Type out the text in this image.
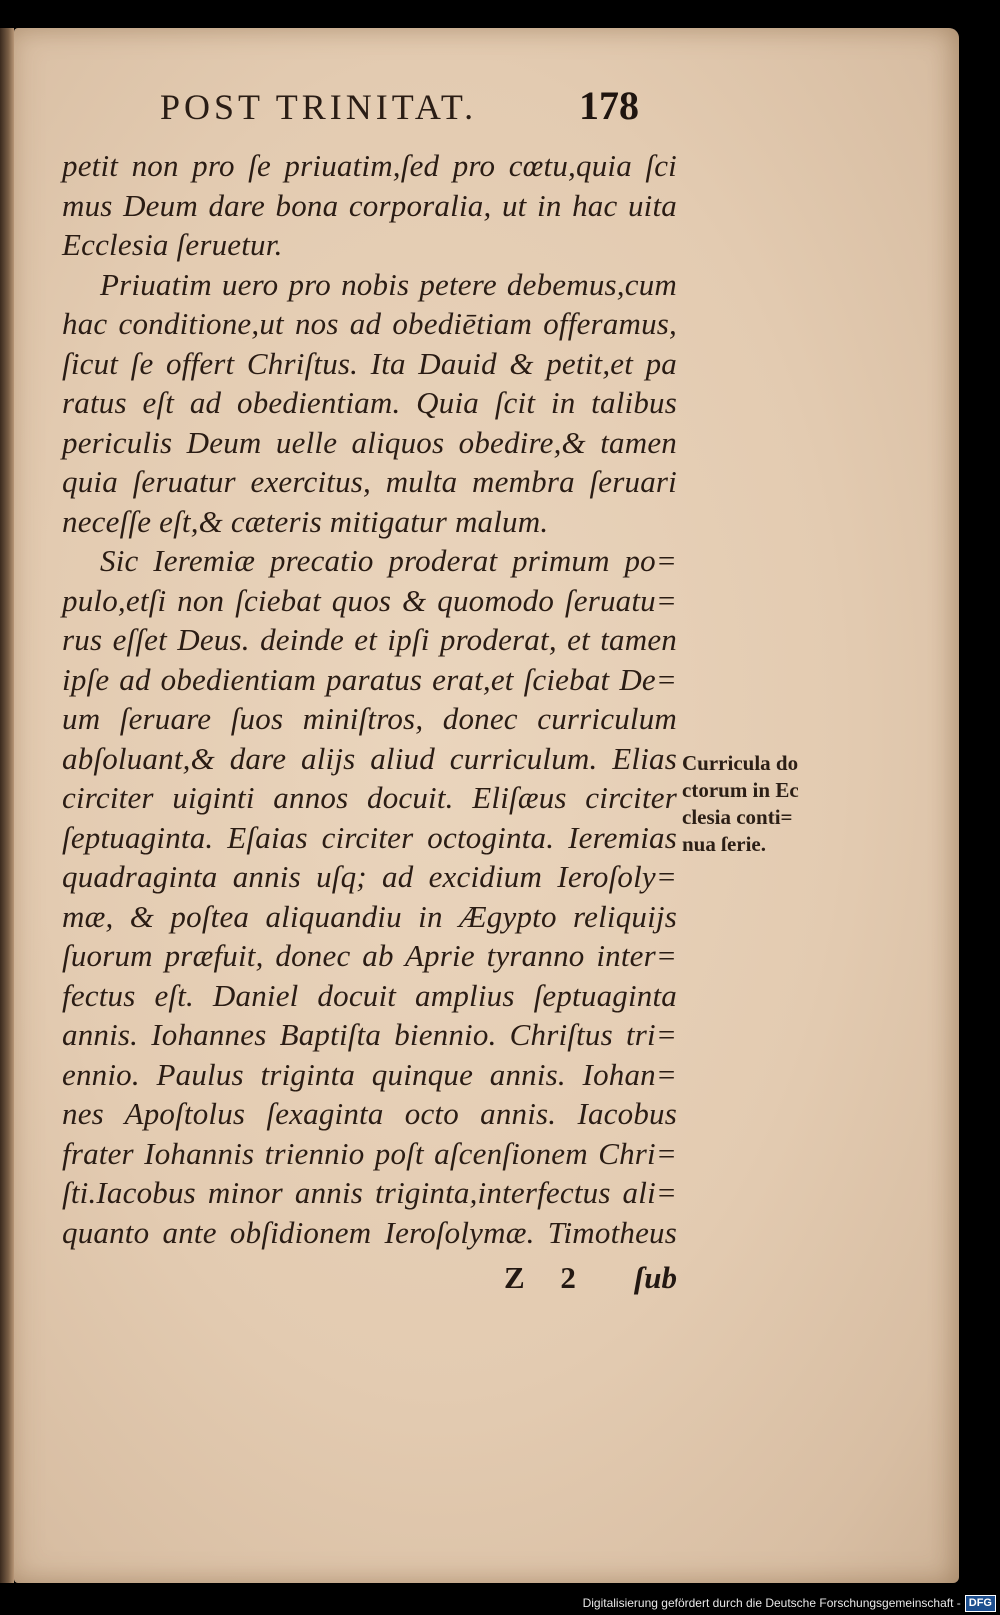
POST TRINITAT.	178
petit non pro ſe priuatim,ſed pro cœtu,quia ſci
mus Deum dare bona corporalia, ut in hac uita
Ecclesia ſeruetur.
Priuatim uero pro nobis petere debemus,cum
hac conditione,ut nos ad obediētiam offeramus,
ſicut ſe offert Chriſtus. Ita Dauid & petit,et pa
ratus eſt ad obedientiam. Quia ſcit in talibus
periculis Deum uelle aliquos obedire,& tamen
quia ſeruatur exercitus, multa membra ſeruari
neceſſe eſt,& cæteris mitigatur malum.
Sic Ieremiæ precatio proderat primum po=
pulo,etſi non ſciebat quos & quomodo ſeruatu=
rus eſſet Deus. deinde et ipſi proderat, et tamen
ipſe ad obedientiam paratus erat,et ſciebat De=
um ſeruare ſuos miniſtros, donec curriculum
abſoluant,& dare alijs aliud curriculum. Elias
circiter uiginti annos docuit. Eliſæus circiter
ſeptuaginta. Eſaias circiter octoginta. Ieremias
quadraginta annis uſq; ad excidium Ieroſoly=
mæ, & poſtea aliquandiu in Ægypto reliquijs
ſuorum præfuit, donec ab Aprie tyranno inter=
fectus eſt. Daniel docuit amplius ſeptuaginta
annis. Iohannes Baptiſta biennio. Chriſtus tri=
ennio. Paulus triginta quinque annis. Iohan=
nes Apoſtolus ſexaginta octo annis. Iacobus
frater Iohannis triennio poſt aſcenſionem Chri=
ſti.Iacobus minor annis triginta,interfectus ali=
quanto ante obſidionem Ieroſolymæ. Timotheus
Curricula do
ctorum in Ec
clesia conti=
nua ſerie.
Z 2 ſub
Digitalisierung gefördert durch die Deutsche Forschungsgemeinschaft - DFG
